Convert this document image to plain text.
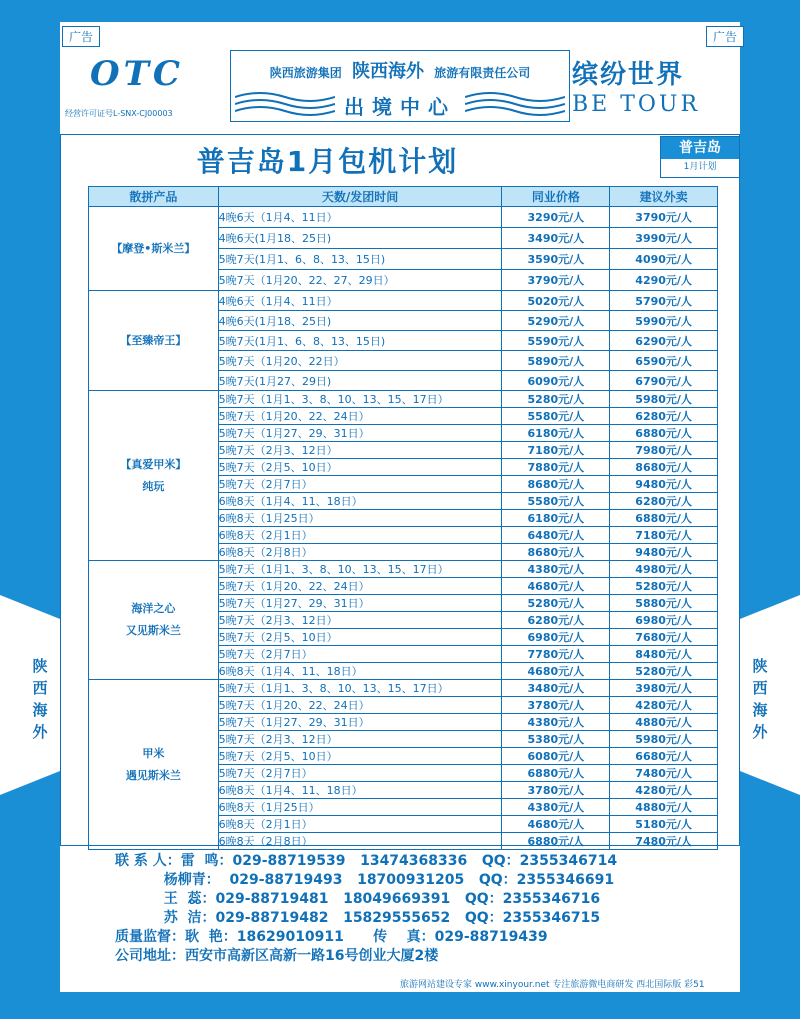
陕
西
海
外
陕
西
海
外
广告	广告
OTC
经营许可证号L-SNX-CJ00003
陕西旅游集团 陕西海外 旅游有限责任公司
出境中心
缤纷世界
BE TOUR
普吉岛1月包机计划	普吉岛
1月计划
散拼产品	天数/发团时间	同业价格	建议外卖

【摩登•斯米兰】	4晚6天（1月4、11日）	3290元/人	3790元/人
	4晚6天(1月18、25日)	3490元/人	3990元/人
	5晚7天(1月1、6、8、13、15日)	3590元/人	4090元/人
	5晚7天（1月20、22、27、29日）	3790元/人	4290元/人

【至臻帝王】	4晚6天（1月4、11日）	5020元/人	5790元/人
	4晚6天(1月18、25日)	5290元/人	5990元/人
	5晚7天(1月1、6、8、13、15日)	5590元/人	6290元/人
	5晚7天（1月20、22日）	5890元/人	6590元/人
	5晚7天(1月27、29日)	6090元/人	6790元/人

【真爱甲米】
纯玩	5晚7天（1月1、3、8、10、13、15、17日）	5280元/人	5980元/人
	5晚7天（1月20、22、24日）	5580元/人	6280元/人
	5晚7天（1月27、29、31日）	6180元/人	6880元/人
	5晚7天（2月3、12日）	7180元/人	7980元/人
	5晚7天（2月5、10日）	7880元/人	8680元/人
	5晚7天（2月7日）	8680元/人	9480元/人
	6晚8天（1月4、11、18日）	5580元/人	6280元/人
	6晚8天（1月25日）	6180元/人	6880元/人
	6晚8天（2月1日）	6480元/人	7180元/人
	6晚8天（2月8日）	8680元/人	9480元/人

海洋之心
又见斯米兰	5晚7天（1月1、3、8、10、13、15、17日）	4380元/人	4980元/人
	5晚7天（1月20、22、24日）	4680元/人	5280元/人
	5晚7天（1月27、29、31日）	5280元/人	5880元/人
	5晚7天（2月3、12日）	6280元/人	6980元/人
	5晚7天（2月5、10日）	6980元/人	7680元/人
	5晚7天（2月7日）	7780元/人	8480元/人
	6晚8天（1月4、11、18日）	4680元/人	5280元/人

甲米
遇见斯米兰	5晚7天（1月1、3、8、10、13、15、17日）	3480元/人	3980元/人
	5晚7天（1月20、22、24日）	3780元/人	4280元/人
	5晚7天（1月27、29、31日）	4380元/人	4880元/人
	5晚7天（2月3、12日）	5380元/人	5980元/人
	5晚7天（2月5、10日）	6080元/人	6680元/人
	5晚7天（2月7日）	6880元/人	7480元/人
	6晚8天（1月4、11、18日）	3780元/人	4280元/人
	6晚8天（1月25日）	4380元/人	4880元/人
	6晚8天（2月1日）	4680元/人	5180元/人
	6晚8天（2月8日）	6880元/人	7480元/人
联 系 人：雷  鸣：029-88719539   13474368336   QQ：2355346714
杨柳青：  029-88719493   18700931205   QQ：2355346691
王  蕊：029-88719481   18049669391   QQ：2355346716
苏  洁：029-88719482   15829555652   QQ：2355346715
质量监督：耿  艳：18629010911      传    真：029-88719439
公司地址：西安市高新区高新一路16号创业大厦2楼
旅游网站建设专家 www.xinyour.net 专注旅游微电商研发 西北国际版 彩51
